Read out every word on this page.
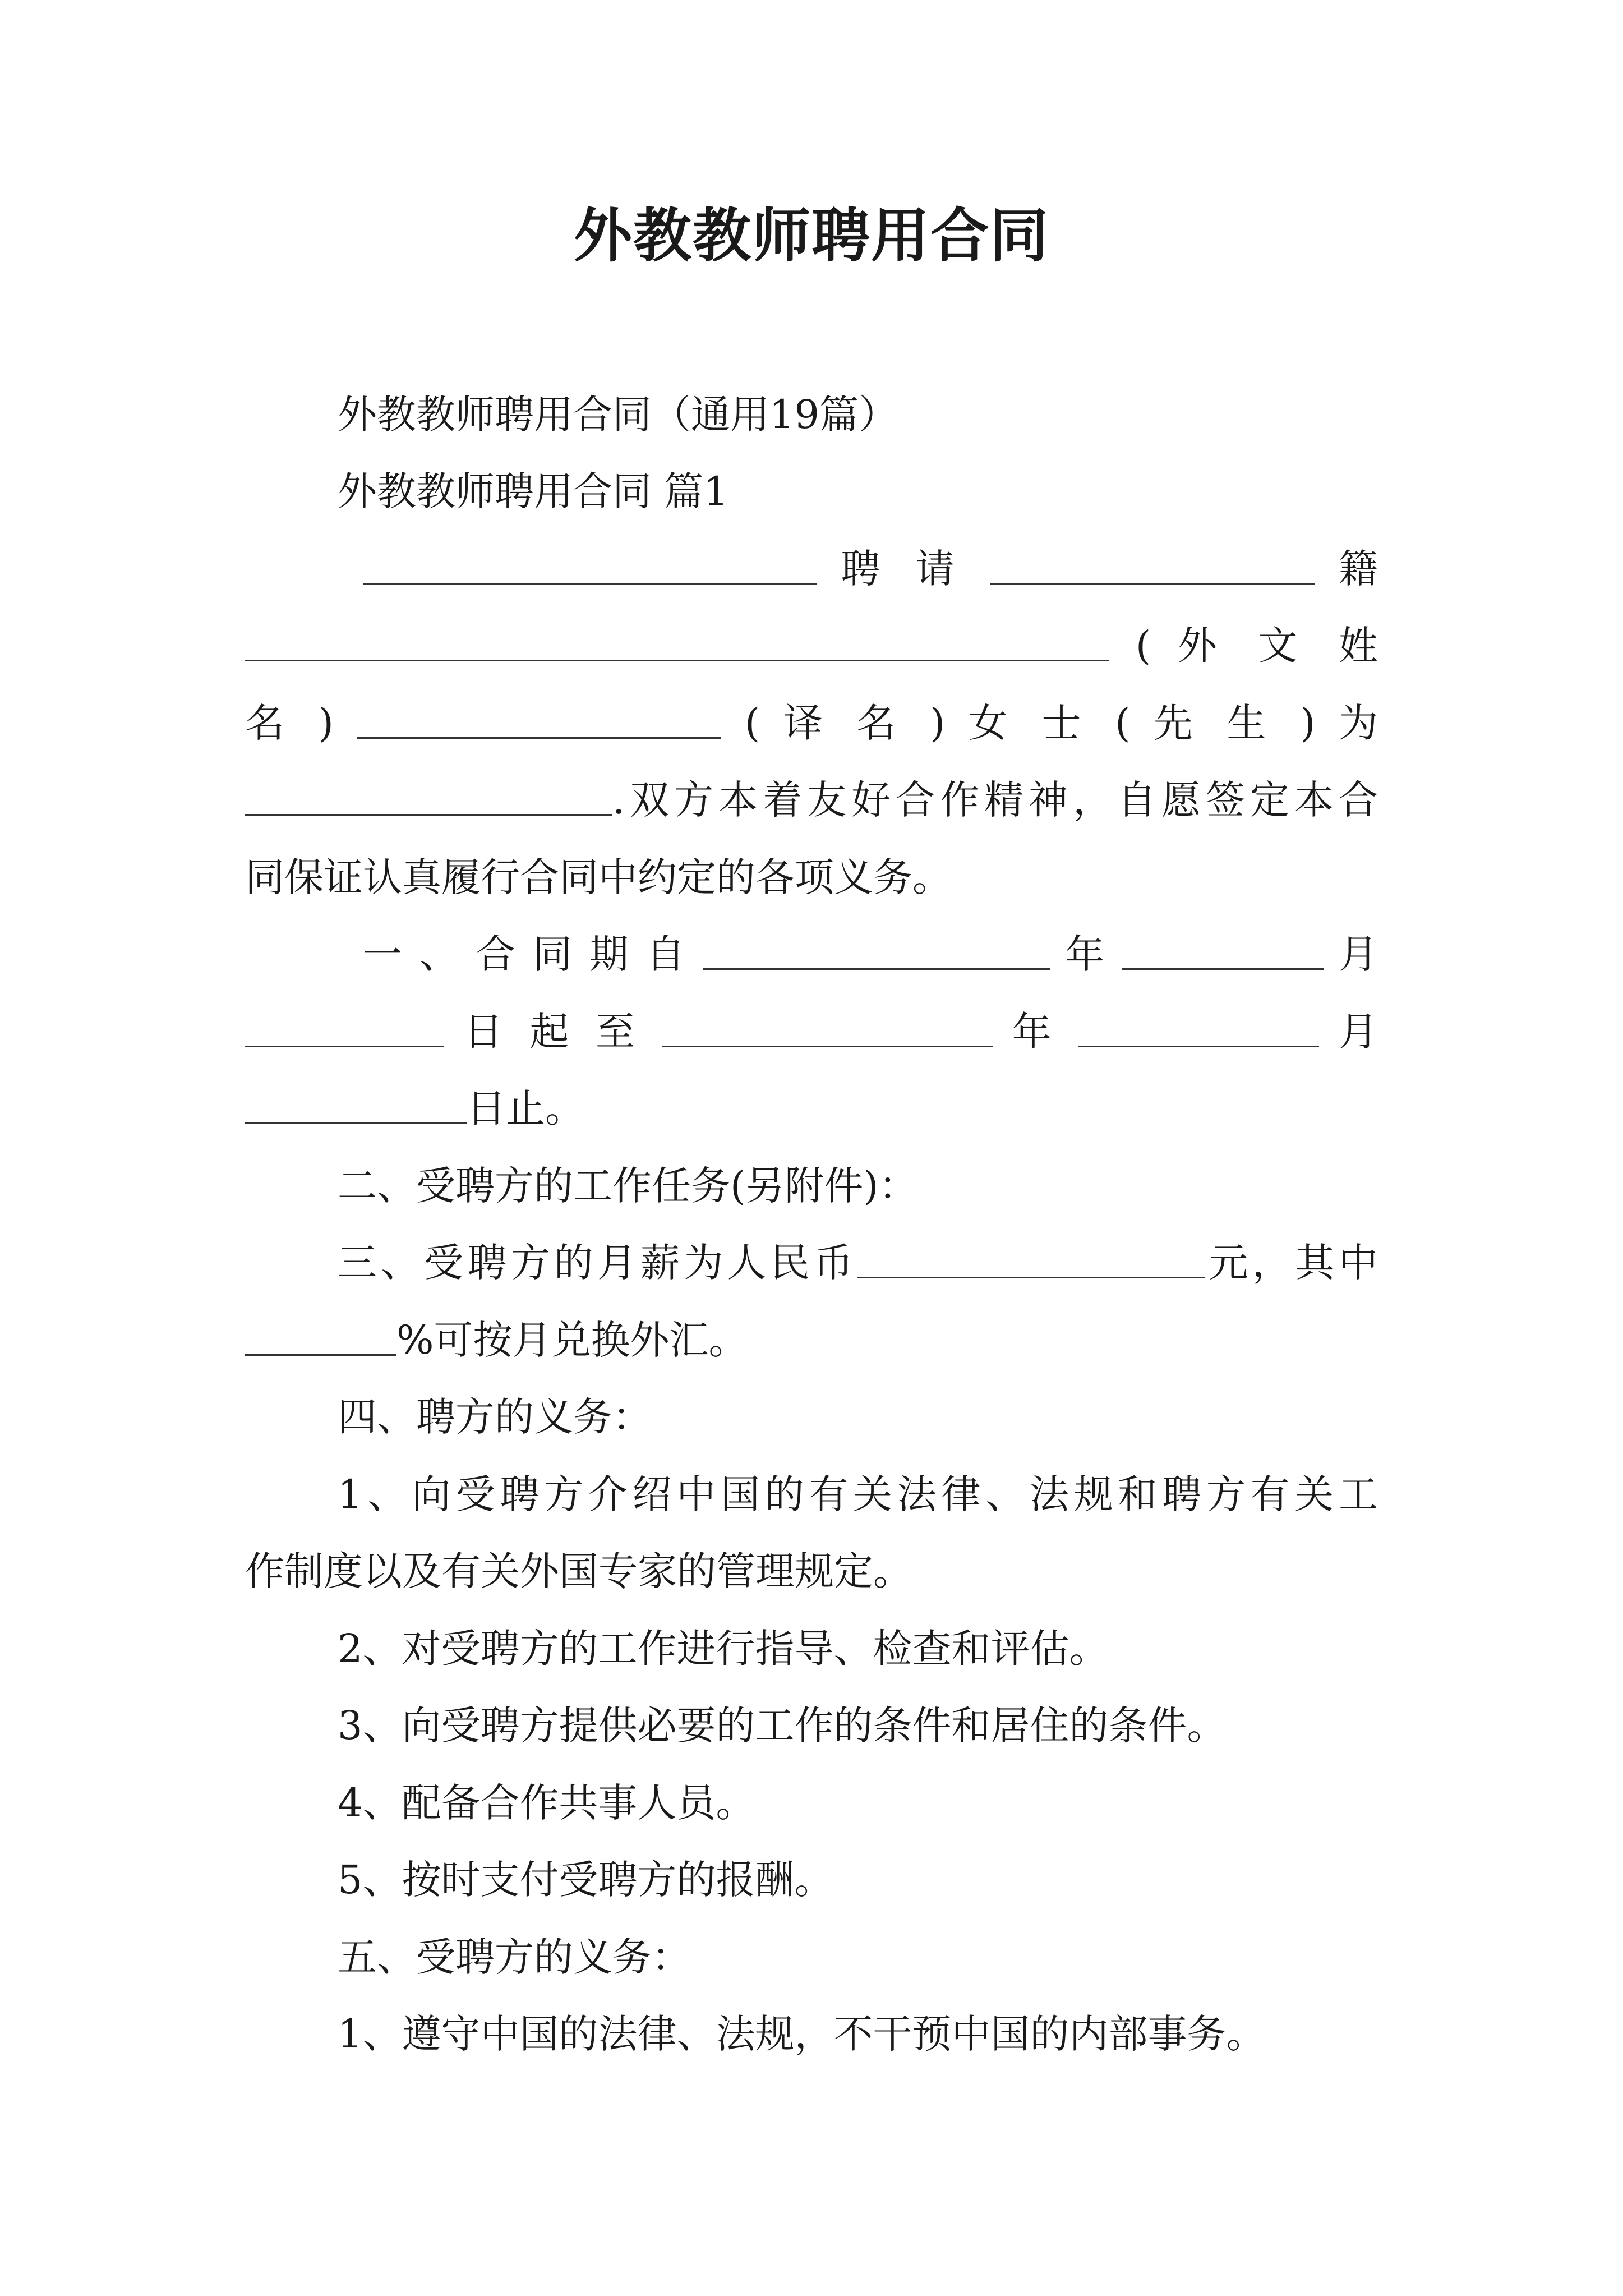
外教教师聘用合同
外教教师聘用合同（通用19篇）
外教教师聘用合同 篇1
聘 请	籍
( 外 文 姓
名 )	( 译 名 ) 女 士 ( 先 生 ) 为
.双方本着友好合作精神，自愿签定本合
同保证认真履行合同中约定的各项义务。
一 、 合 同 期 自	年	月
日 起 至	年	月
日止。
二、受聘方的工作任务(另附件)：
三、受聘方的月薪为人民币	元，其中
%可按月兑换外汇。
四、聘方的义务：
1、向受聘方介绍中国的有关法律、法规和聘方有关工
作制度以及有关外国专家的管理规定。
2、对受聘方的工作进行指导、检查和评估。
3、向受聘方提供必要的工作的条件和居住的条件。
4、配备合作共事人员。
5、按时支付受聘方的报酬。
五、受聘方的义务：
1、遵守中国的法律、法规，不干预中国的内部事务。
